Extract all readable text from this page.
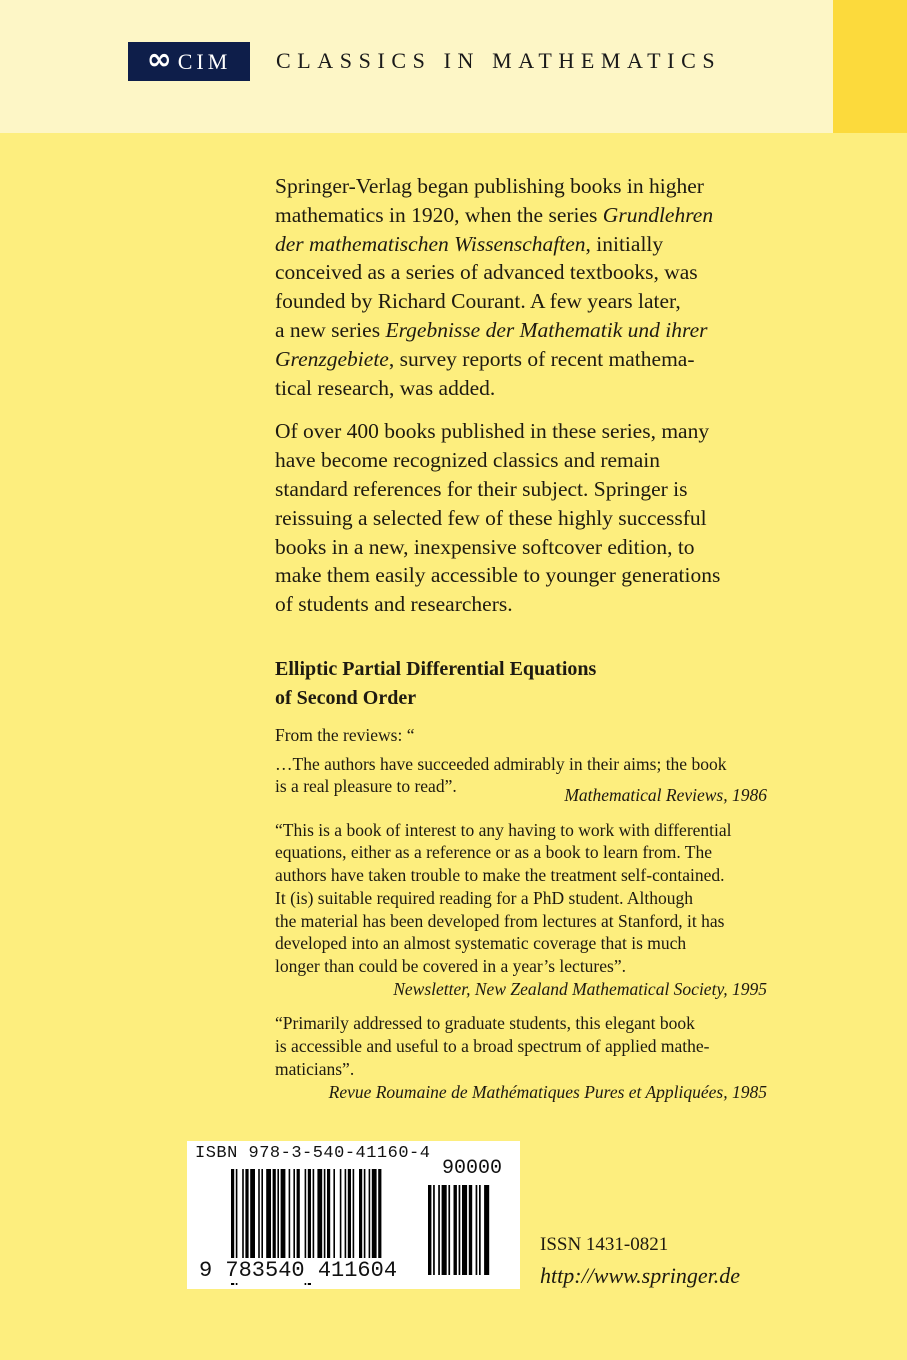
∞ CIM CLASSICS IN MATHEMATICS

Springer-Verlag began publishing books in higher

mathematics in 1920, when the series Grundlehren

der mathematischen Wissenschaften, initially

conceived as a series of advanced textbooks, was

founded by Richard Courant. A few years later,

a new series Ergebnisse der Mathematik und ihrer

Grenzgebiete, survey reports of recent mathema-

tical research, was added.

Of over 400 books published in these series, many

have become recognized classics and remain

standard references for their subject. Springer is

reissuing a selected few of these highly successful

books in a new, inexpensive softcover edition, to

make them easily accessible to younger generations

of students and researchers.

Elliptic Partial Differential Equations
of Second Order
From the reviews: “
…The authors have succeeded admirably in their aims; the book
is a real pleasure to read”.	Mathematical Reviews, 1986
“This is a book of interest to any having to work with differential
equations, either as a reference or as a book to learn from. The
authors have taken trouble to make the treatment self-contained.
It (is) suitable required reading for a PhD student. Although
the material has been developed from lectures at Stanford, it has
developed into an almost systematic coverage that is much
longer than could be covered in a year’s lectures”.
Newsletter, New Zealand Mathematical Society, 1995
“Primarily addressed to graduate students, this elegant book
is accessible and useful to a broad spectrum of applied mathe-
maticians”.
Revue Roumaine de Mathématiques Pures et Appliquées, 1985
ISBN 978-3-540-41160-4
90000
9 783540 411604
ISSN 1431-0821
http://www.springer.de
